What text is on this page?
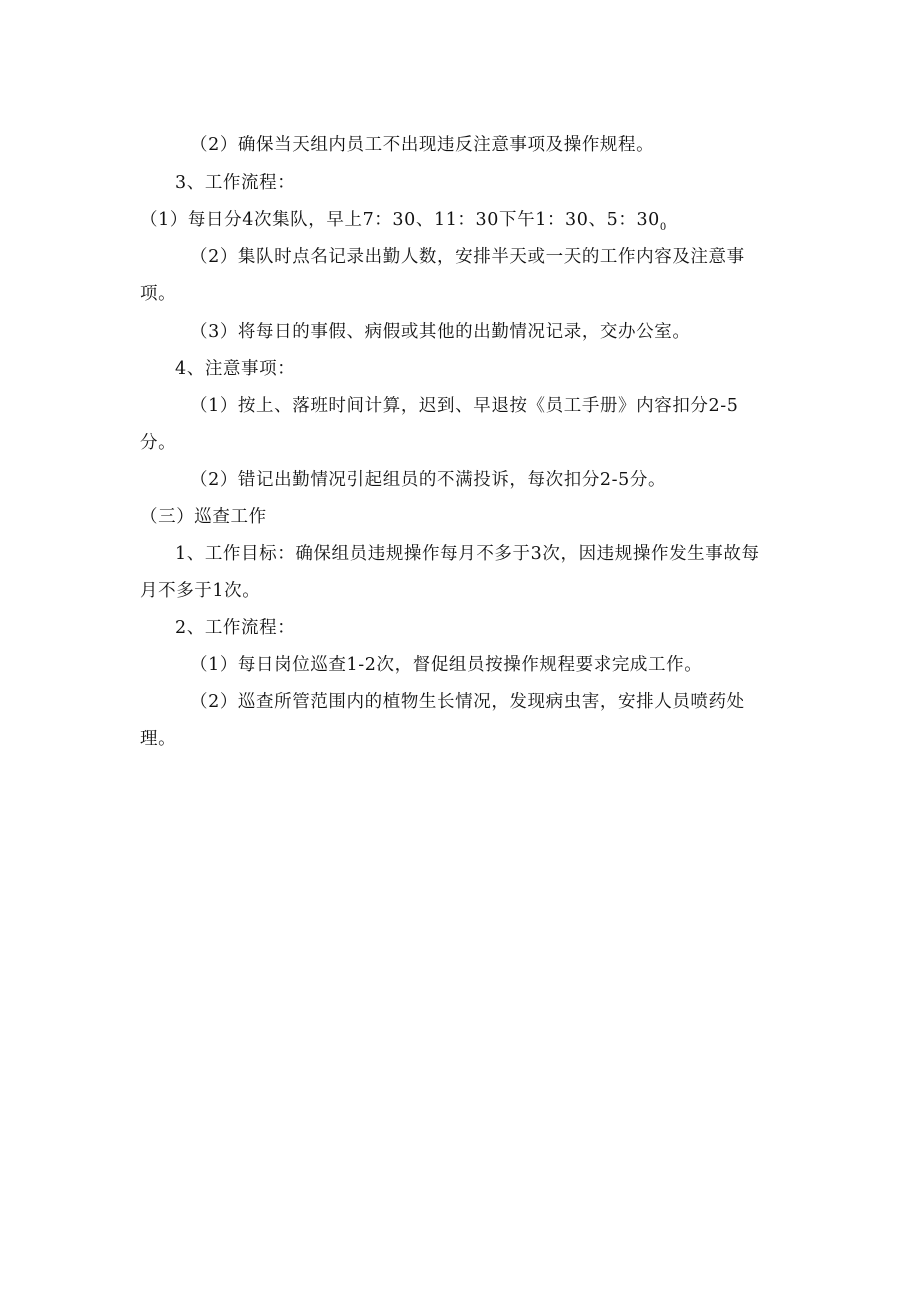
（2）确保当天组内员工不出现违反注意事项及操作规程。
3、工作流程：
（1）每日分4次集队，早上7：30、11：30下午1：30、5：$30_0$
（2）集队时点名记录出勤人数，安排半天或一天的工作内容及注意事
项。
（3）将每日的事假、病假或其他的出勤情况记录，交办公室。
4、注意事项：
（1）按上、落班时间计算，迟到、早退按《员工手册》内容扣分2-5
分。
（2）错记出勤情况引起组员的不满投诉，每次扣分2-5分。
（三）巡查工作
1、工作目标：确保组员违规操作每月不多于3次，因违规操作发生事故每
月不多于1次。
2、工作流程：
（1）每日岗位巡查1-2次，督促组员按操作规程要求完成工作。
（2）巡查所管范围内的植物生长情况，发现病虫害，安排人员喷药处
理。
